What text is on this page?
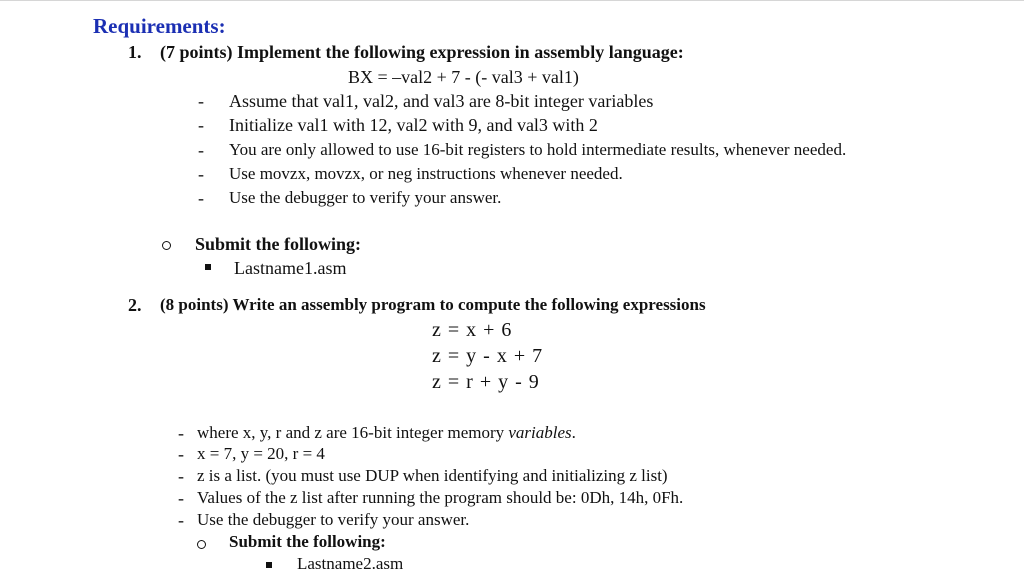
Requirements:
1. (7 points) Implement the following expression in assembly language:
BX = –val2 + 7 - (- val3 + val1)
- Assume that val1, val2, and val3 are 8-bit integer variables
- Initialize val1 with 12, val2 with 9, and val3 with 2
- You are only allowed to use 16-bit registers to hold intermediate results, whenever needed.
- Use movzx, movzx, or neg instructions whenever needed.
- Use the debugger to verify your answer.
Submit the following:
Lastname1.asm
2. (8 points) Write an assembly program to compute the following expressions
z = x + 6
z = y - x + 7
z = r + y - 9
- where x, y, r and z are 16-bit integer memory variables.
- x = 7, y = 20, r = 4
- z is a list. (you must use DUP when identifying and initializing z list)
- Values of the z list after running the program should be: 0Dh, 14h, 0Fh.
- Use the debugger to verify your answer.
Submit the following:
Lastname2.asm
